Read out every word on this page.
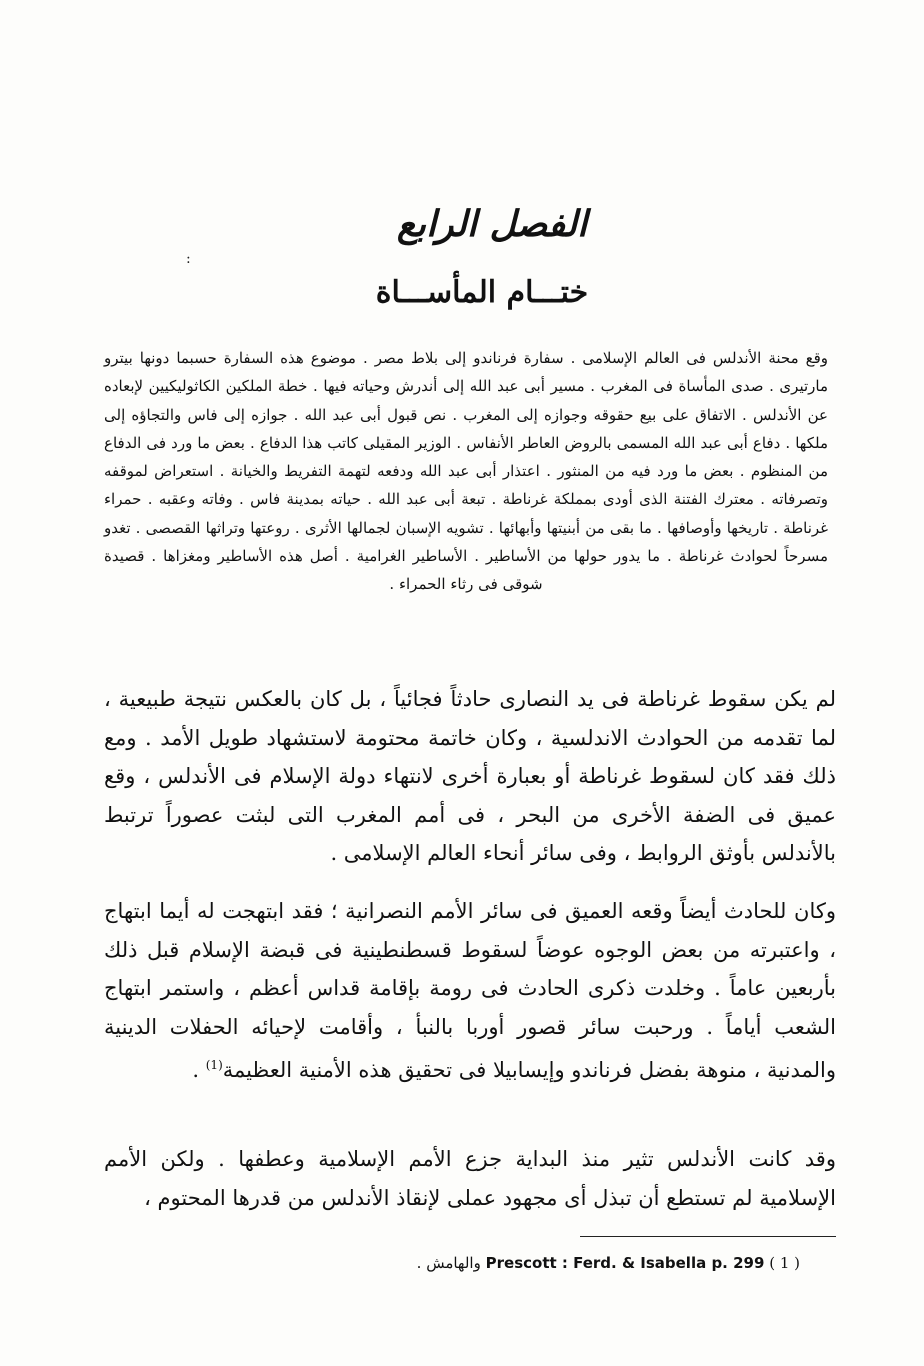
:
الفصل الرابع
ختـــام المأســـاة

وقع محنة الأندلس فى العالم الإسلامى . سفارة فرناندو إلى بلاط مصر . موضوع هذه السفارة حسبما دونها بيترو مارتيرى . صدى المأساة فى المغرب . مسير أبى عبد الله إلى أندرش وحياته فيها . خطة الملكين الكاثوليكيين لإبعاده عن الأندلس . الاتفاق على بيع حقوقه وجوازه إلى المغرب . نص قبول أبى عبد الله . جوازه إلى فاس والتجاؤه إلى ملكها . دفاع أبى عبد الله المسمى بالروض العاطر الأنفاس . الوزير المقيلى كاتب هذا الدفاع . بعض ما ورد فى الدفاع من المنظوم . بعض ما ورد فيه من المنثور . اعتذار أبى عبد الله ودفعه لتهمة التفريط والخيانة . استعراض لموقفه وتصرفاته . معترك الفتنة الذى أودى بمملكة غرناطة . تبعة أبى عبد الله . حياته بمدينة فاس . وفاته وعقبه . حمراء غرناطة . تاريخها وأوصافها . ما بقى من أبنيتها وأبهائها . تشويه الإسبان لجمالها الأثرى . روعتها وتراثها القصصى . تغدو مسرحاً لحوادث غرناطة . ما يدور حولها من الأساطير . الأساطير الغرامية . أصل هذه الأساطير ومغزاها . قصيدة شوقى فى رثاء الحمراء .

لم يكن سقوط غرناطة فى يد النصارى حادثاً فجائياً ، بل كان بالعكس نتيجة طبيعية ، لما تقدمه من الحوادث الاندلسية ، وكان خاتمة محتومة لاستشهاد طويل الأمد . ومع ذلك فقد كان لسقوط غرناطة أو بعبارة أخرى لانتهاء دولة الإسلام فى الأندلس ، وقع عميق فى الضفة الأخرى من البحر ، فى أمم المغرب التى لبثت عصوراً ترتبط بالأندلس بأوثق الروابط ، وفى سائر أنحاء العالم الإسلامى .

وكان للحادث أيضاً وقعه العميق فى سائر الأمم النصرانية ؛ فقد ابتهجت له أيما ابتهاج ، واعتبرته من بعض الوجوه عوضاً لسقوط قسطنطينية فى قبضة الإسلام قبل ذلك بأربعين عاماً . وخلدت ذكرى الحادث فى رومة بإقامة قداس أعظم ، واستمر ابتهاج الشعب أياماً . ورحبت سائر قصور أوربا بالنبأ ، وأقامت لإحيائه الحفلات الدينية والمدنية ، منوهة بفضل فرناندو وإيسابيلا فى تحقيق هذه الأمنية العظيمة$^{(1)}$ .

وقد كانت الأندلس تثير منذ البداية جزع الأمم الإسلامية وعطفها . ولكن الأمم الإسلامية لم تستطع أن تبذل أى مجهود عملى لإنقاذ الأندلس من قدرها المحتوم ،

( 1 ) Prescott : Ferd. & Isabella p. 299 والهامش .
